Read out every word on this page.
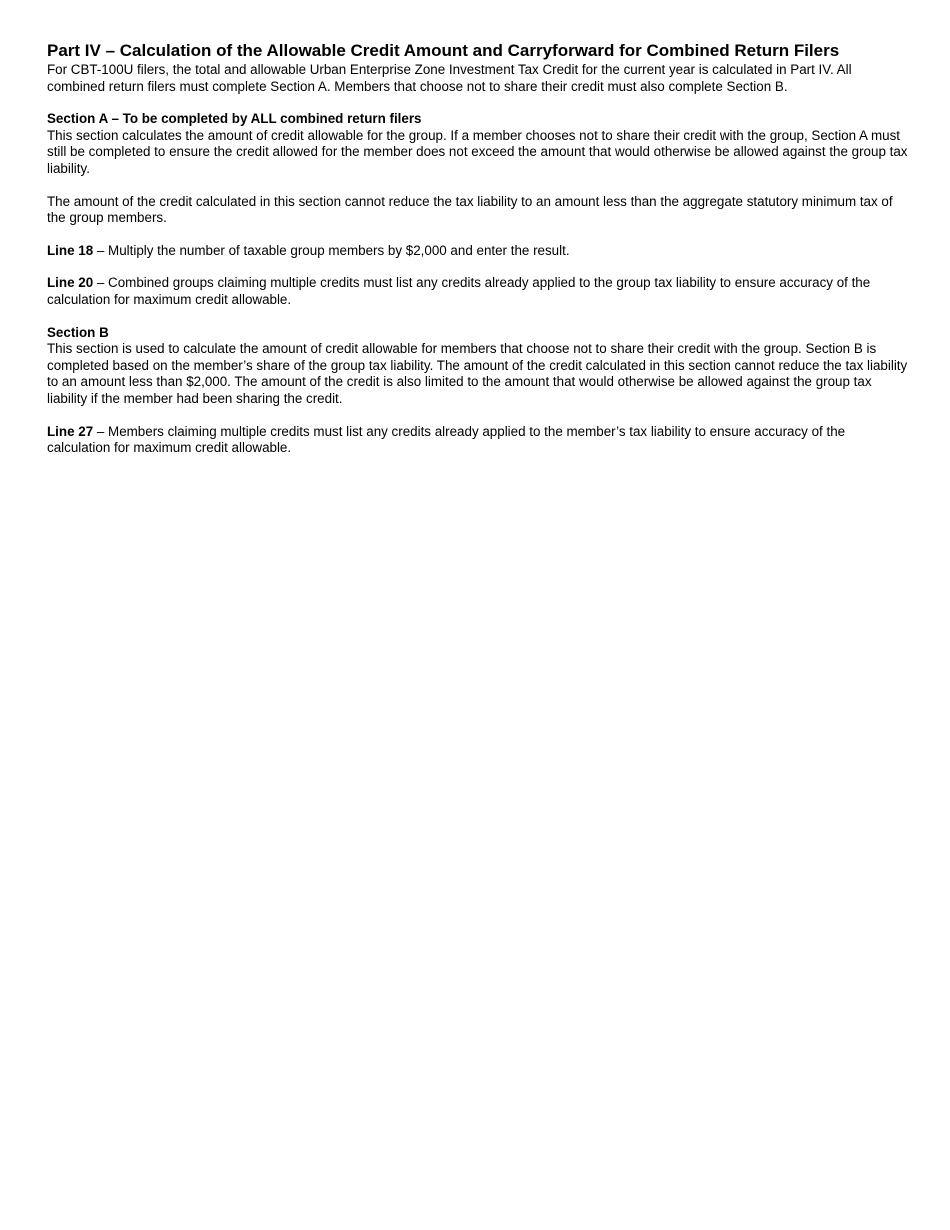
Part IV – Calculation of the Allowable Credit Amount and Carryforward for Combined Return Filers

For CBT-100U filers, the total and allowable Urban Enterprise Zone Investment Tax Credit for the current year is calculated in Part IV. All combined return filers must complete Section A. Members that choose not to share their credit must also complete Section B.

Section A – To be completed by ALL combined return filers

This section calculates the amount of credit allowable for the group. If a member chooses not to share their credit with the group, Section A must still be completed to ensure the credit allowed for the member does not exceed the amount that would otherwise be allowed against the group tax liability.

The amount of the credit calculated in this section cannot reduce the tax liability to an amount less than the aggregate statutory minimum tax of the group members.

Line 18 – Multiply the number of taxable group members by $2,000 and enter the result.

Line 20 – Combined groups claiming multiple credits must list any credits already applied to the group tax liability to ensure accuracy of the calculation for maximum credit allowable.

Section B

This section is used to calculate the amount of credit allowable for members that choose not to share their credit with the group. Section B is completed based on the member’s share of the group tax liability. The amount of the credit calculated in this section cannot reduce the tax liability to an amount less than $2,000. The amount of the credit is also limited to the amount that would otherwise be allowed against the group tax liability if the member had been sharing the credit.

Line 27 – Members claiming multiple credits must list any credits already applied to the member’s tax liability to ensure accuracy of the calculation for maximum credit allowable.
